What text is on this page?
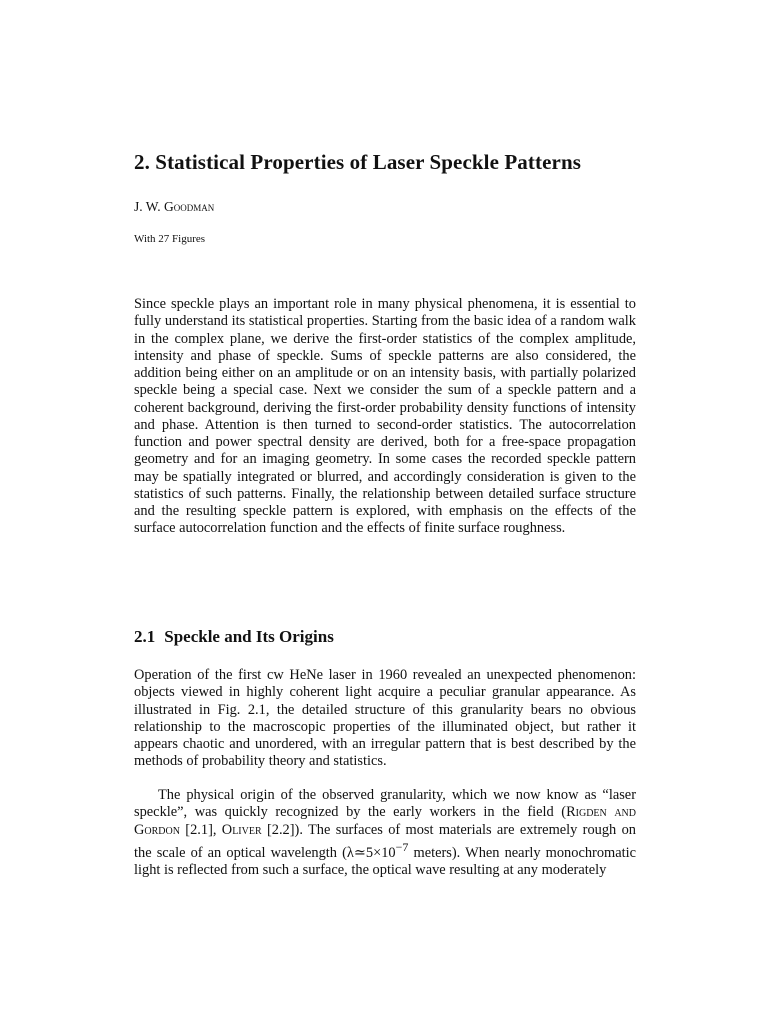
2. Statistical Properties of Laser Speckle Patterns

J. W. Goodman

With 27 Figures

Since speckle plays an important role in many physical phenomena, it is essential to fully understand its statistical properties. Starting from the basic idea of a random walk in the complex plane, we derive the first-order statistics of the complex amplitude, intensity and phase of speckle. Sums of speckle patterns are also considered, the addition being either on an amplitude or on an intensity basis, with partially polarized speckle being a special case. Next we consider the sum of a speckle pattern and a coherent background, deriving the first-order probability density functions of intensity and phase. Attention is then turned to second-order statistics. The autocorrelation function and power spectral density are derived, both for a free-space propagation geometry and for an imaging geometry. In some cases the recorded speckle pattern may be spatially integrated or blurred, and accordingly consideration is given to the statistics of such patterns. Finally, the relationship between detailed surface structure and the resulting speckle pattern is explored, with emphasis on the effects of the surface autocorrelation function and the effects of finite surface roughness.

2.1 Speckle and Its Origins

Operation of the first cw HeNe laser in 1960 revealed an unexpected phenomenon: objects viewed in highly coherent light acquire a peculiar granular appearance. As illustrated in Fig. 2.1, the detailed structure of this granularity bears no obvious relationship to the macroscopic properties of the illuminated object, but rather it appears chaotic and unordered, with an irregular pattern that is best described by the methods of probability theory and statistics.

The physical origin of the observed granularity, which we now know as “laser speckle”, was quickly recognized by the early workers in the field (Rigden and Gordon [2.1], Oliver [2.2]). The surfaces of most materials are extremely rough on the scale of an optical wavelength ($\lambda≃5\times 10^{-7}$ meters). When nearly monochromatic light is reflected from such a surface, the optical wave resulting at any moderately
